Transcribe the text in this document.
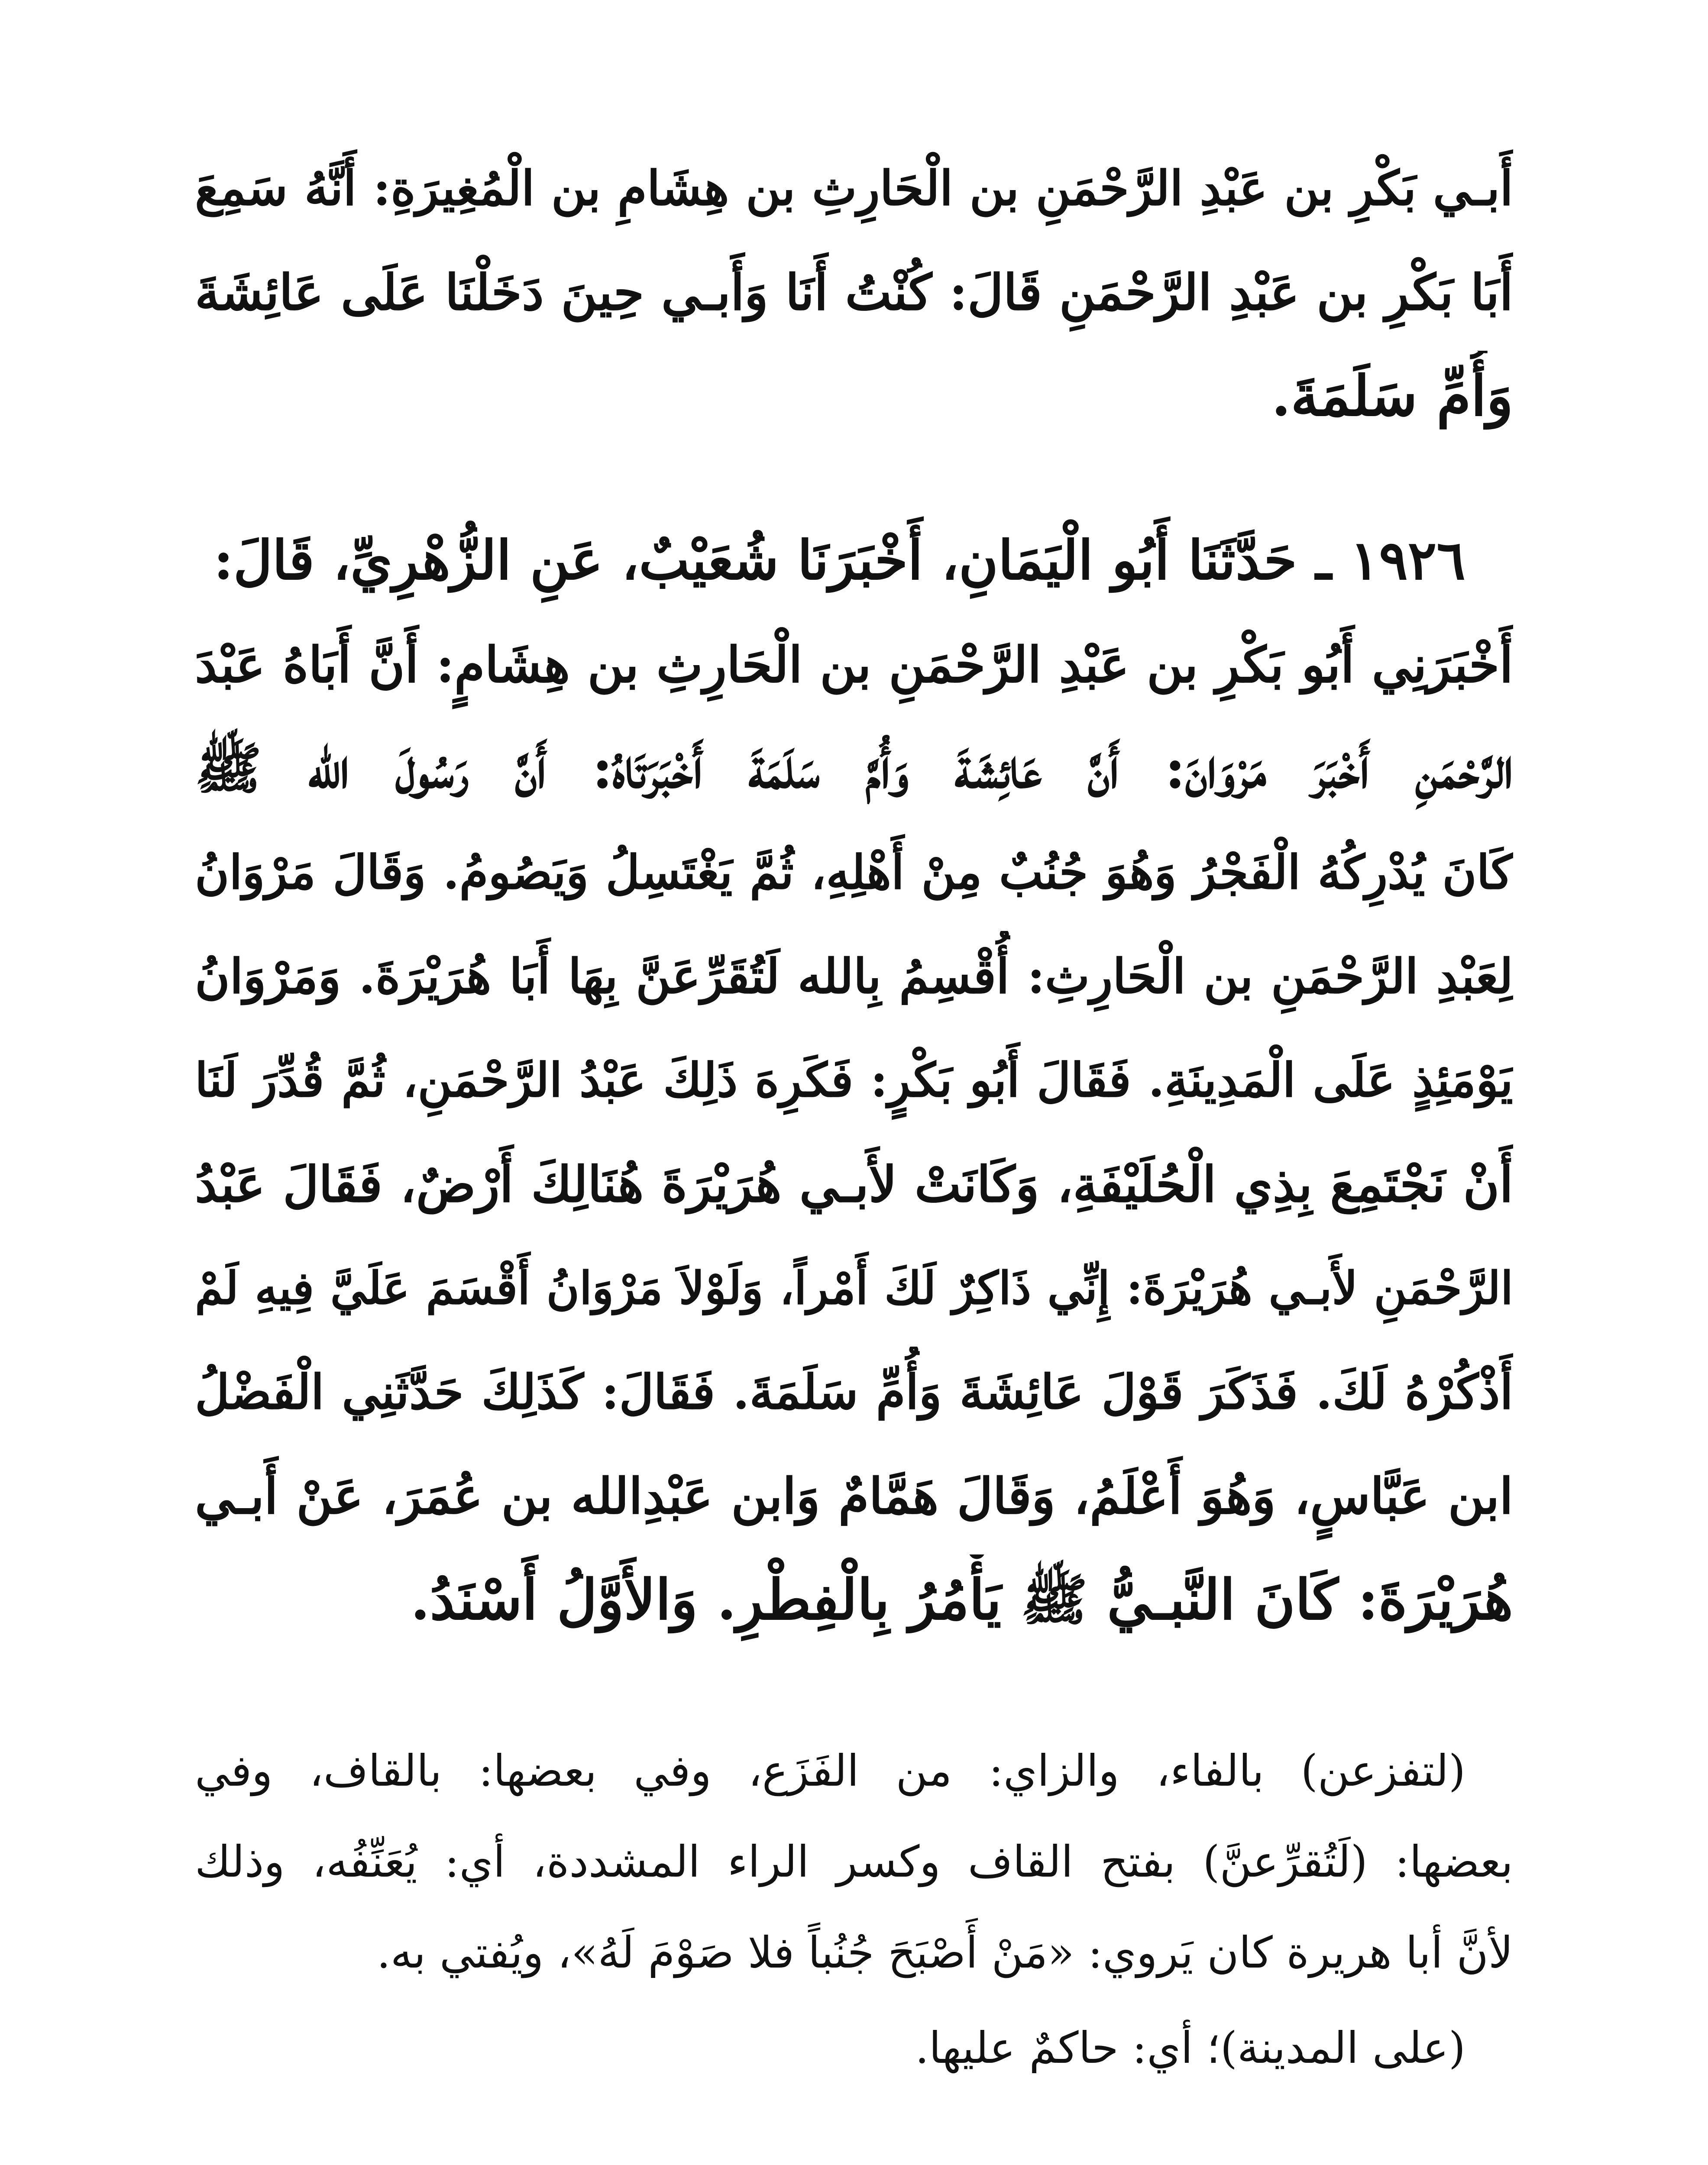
أَبـي بَكْرِ بن عَبْدِ الرَّحْمَنِ بن الْحَارِثِ بن هِشَامِ بن الْمُغِيرَةِ: أَنَّهُ سَمِعَ
أَبَا بَكْرِ بن عَبْدِ الرَّحْمَنِ قَالَ: كُنْتُ أَنَا وَأَبـي حِينَ دَخَلْنَا عَلَى عَائِشَةَ
وَأُمِّ سَلَمَةَ.
١٩٢٦ ـ حَدَّثَنَا أَبُو الْيَمَانِ، أَخْبَرَنَا شُعَيْبٌ، عَنِ الزُّهْرِيِّ، قَالَ:
أَخْبَرَنِي أَبُو بَكْرِ بن عَبْدِ الرَّحْمَنِ بن الْحَارِثِ بن هِشَامٍ: أَنَّ أَبَاهُ عَبْدَ
الرَّحْمَنِ أَخْبَرَ مَرْوَانَ: أَنَّ عَائِشَةَ وَأُمَّ سَلَمَةَ أَخْبَرَتَاهُ: أَنَّ رَسُولَ الله ﷺ
كَانَ يُدْرِكُهُ الْفَجْرُ وَهُوَ جُنُبٌ مِنْ أَهْلِهِ، ثُمَّ يَغْتَسِلُ وَيَصُومُ. وَقَالَ مَرْوَانُ
لِعَبْدِ الرَّحْمَنِ بن الْحَارِثِ: أُقْسِمُ بِالله لَتُقَرِّعَنَّ بِهَا أَبَا هُرَيْرَةَ. وَمَرْوَانُ
يَوْمَئِذٍ عَلَى الْمَدِينَةِ. فَقَالَ أَبُو بَكْرٍ: فَكَرِهَ ذَلِكَ عَبْدُ الرَّحْمَنِ، ثُمَّ قُدِّرَ لَنَا
أَنْ نَجْتَمِعَ بِذِي الْحُلَيْفَةِ، وَكَانَتْ لأَبـي هُرَيْرَةَ هُنَالِكَ أَرْضٌ، فَقَالَ عَبْدُ
الرَّحْمَنِ لأَبـي هُرَيْرَةَ: إِنِّي ذَاكِرٌ لَكَ أَمْراً، وَلَوْلاَ مَرْوَانُ أَقْسَمَ عَلَيَّ فِيهِ لَمْ
أَذْكُرْهُ لَكَ. فَذَكَرَ قَوْلَ عَائِشَةَ وَأُمِّ سَلَمَةَ. فَقَالَ: كَذَلِكَ حَدَّثَنِي الْفَضْلُ
ابن عَبَّاسٍ، وَهُوَ أَعْلَمُ، وَقَالَ هَمَّامٌ وَابن عَبْدِالله بن عُمَرَ، عَنْ أَبـي
هُرَيْرَةَ: كَانَ النَّبـيُّ ﷺ يَأْمُرُ بِالْفِطْرِ. وَالأَوَّلُ أَسْنَدُ.
(لتفزعن) بالفاء، والزاي: من الفَزَع، وفي بعضها: بالقاف، وفي
بعضها: (لَتُقرِّعنَّ) بفتح القاف وكسر الراء المشددة، أي: يُعَنِّفُه، وذلك
لأنَّ أبا هريرة كان يَروي: «مَنْ أَصْبَحَ جُنُباً فلا صَوْمَ لَهُ»، ويُفتي به.
(على المدينة)؛ أي: حاكمٌ عليها.
